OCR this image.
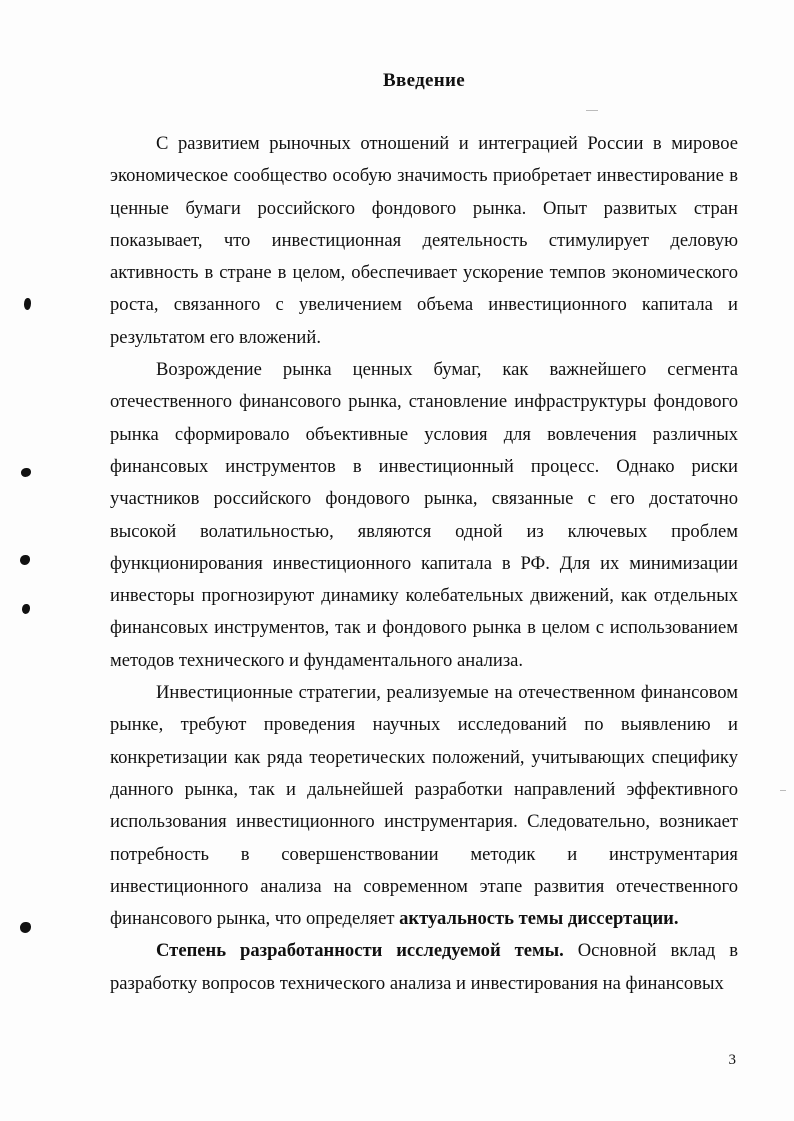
Введение

С развитием рыночных отношений и интеграцией России в мировое экономическое сообщество особую значимость приобретает инвестирование в ценные бумаги российского фондового рынка. Опыт развитых стран показывает, что инвестиционная деятельность стимулирует деловую активность в стране в целом, обеспечивает ускорение темпов экономического роста, связанного с увеличением объема инвестиционного капитала и результатом его вложений.

Возрождение рынка ценных бумаг, как важнейшего сегмента отечественного финансового рынка, становление инфраструктуры фондового рынка сформировало объективные условия для вовлечения различных финансовых инструментов в инвестиционный процесс. Однако риски участников российского фондового рынка, связанные с его достаточно высокой волатильностью, являются одной из ключевых проблем функционирования инвестиционного капитала в РФ. Для их минимизации инвесторы прогнозируют динамику колебательных движений, как отдельных финансовых инструментов, так и фондового рынка в целом с использованием методов технического и фундаментального анализа.

Инвестиционные стратегии, реализуемые на отечественном финансовом рынке, требуют проведения научных исследований по выявлению и конкретизации как ряда теоретических положений, учитывающих специфику данного рынка, так и дальнейшей разработки направлений эффективного использования инвестиционного инструментария. Следовательно, возникает потребность в совершенствовании методик и инструментария инвестиционного анализа на современном этапе развития отечественного финансового рынка, что определяет актуальность темы диссертации.

Степень разработанности исследуемой темы. Основной вклад в разработку вопросов технического анализа и инвестирования на финансовых

3
